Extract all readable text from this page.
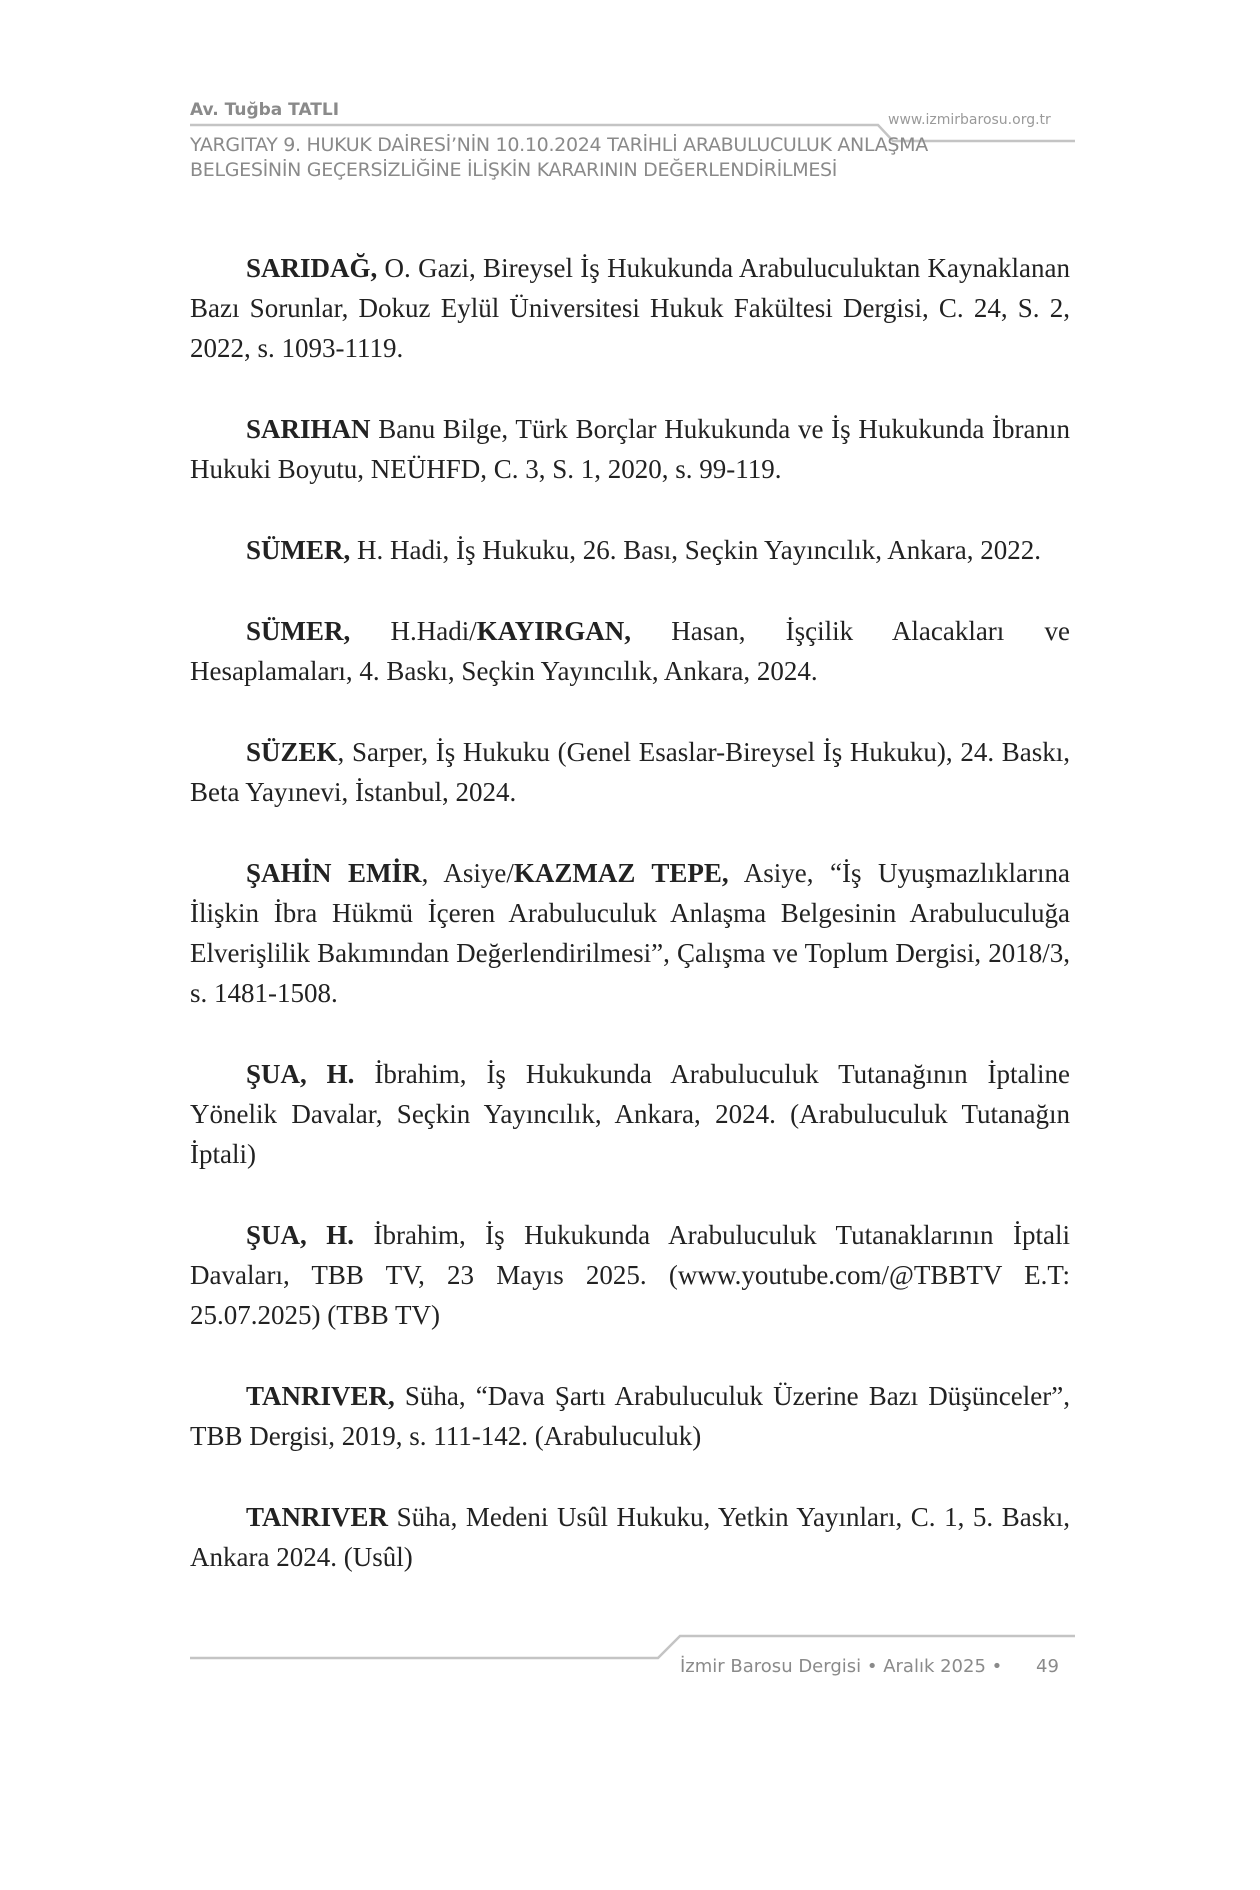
Av. Tuğba TATLI	www.izmirbarosu.org.tr
YARGITAY 9. HUKUK DAİRESİ’NİN 10.10.2024 TARİHLİ ARABULUCULUK ANLAŞMA BELGESİNİN GEÇERSİZLİĞİNE İLİŞKİN KARARININ DEĞERLENDİRİLMESİ

SARIDAĞ, O. Gazi, Bireysel İş Hukukunda Arabuluculuktan Kaynaklanan Bazı Sorunlar, Dokuz Eylül Üniversitesi Hukuk Fakültesi Dergisi, C. 24, S. 2, 2022, s. 1093-1119.

SARIHAN Banu Bilge, Türk Borçlar Hukukunda ve İş Hukukunda İbranın Hukuki Boyutu, NEÜHFD, C. 3, S. 1, 2020, s. 99-119.

SÜMER, H. Hadi, İş Hukuku, 26. Bası, Seçkin Yayıncılık, Ankara, 2022.

SÜMER, H.Hadi/KAYIRGAN, Hasan, İşçilik Alacakları ve Hesaplamaları, 4. Baskı, Seçkin Yayıncılık, Ankara, 2024.

SÜZEK, Sarper, İş Hukuku (Genel Esaslar-Bireysel İş Hukuku), 24. Baskı, Beta Yayınevi, İstanbul, 2024.

ŞAHİN EMİR, Asiye/KAZMAZ TEPE, Asiye, “İş Uyuşmazlıklarına İlişkin İbra Hükmü İçeren Arabuluculuk Anlaşma Belgesinin Arabuluculuğa Elverişlilik Bakımından Değerlendirilmesi”, Çalışma ve Toplum Dergisi, 2018/3, s. 1481-1508.

ŞUA, H. İbrahim, İş Hukukunda Arabuluculuk Tutanağının İptaline Yönelik Davalar, Seçkin Yayıncılık, Ankara, 2024. (Arabuluculuk Tutanağın İptali)

ŞUA, H. İbrahim, İş Hukukunda Arabuluculuk Tutanaklarının İptali Davaları, TBB TV, 23 Mayıs 2025. (www.youtube.com/@TBBTV E.T: 25.07.2025) (TBB TV)

TANRIVER, Süha, “Dava Şartı Arabuluculuk Üzerine Bazı Düşünceler”, TBB Dergisi, 2019, s. 111-142. (Arabuluculuk)

TANRIVER Süha, Medeni Usûl Hukuku, Yetkin Yayınları, C. 1, 5. Baskı, Ankara 2024. (Usûl)

İzmir Barosu Dergisi • Aralık 2025 • 49
